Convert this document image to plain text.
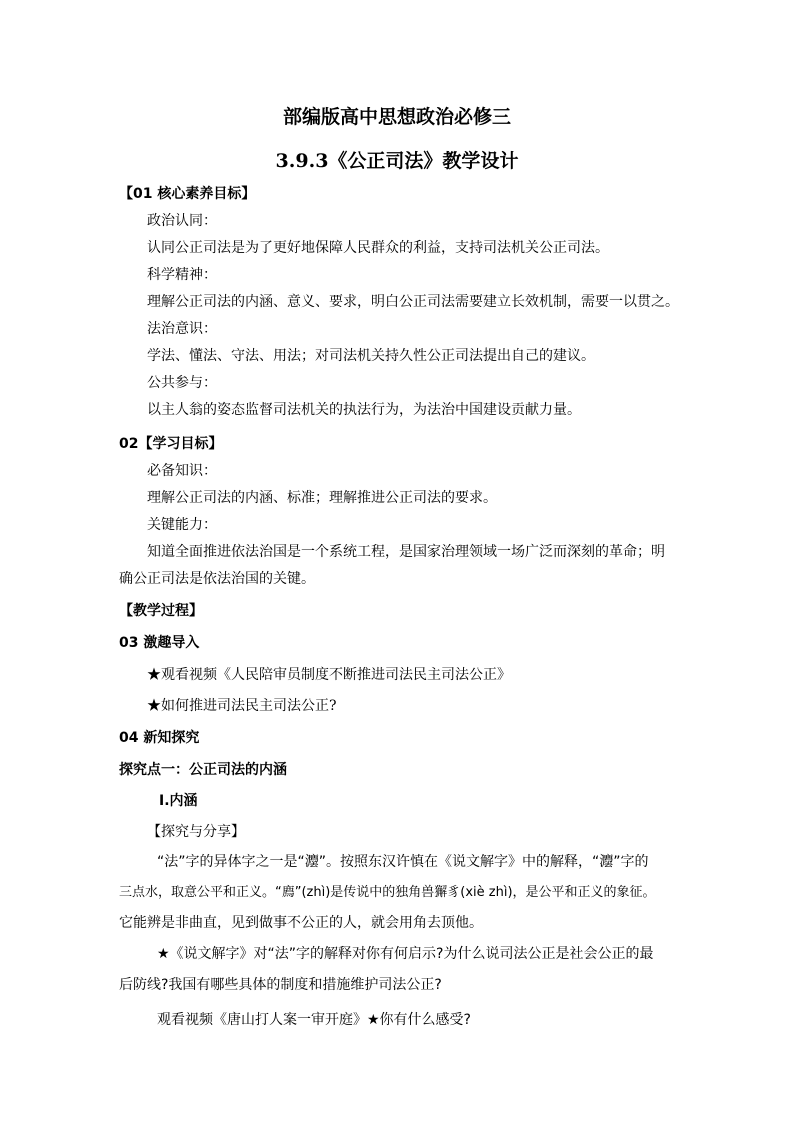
部编版高中思想政治必修三
3.9.3《公正司法》教学设计
【01 核心素养目标】
政治认同：
认同公正司法是为了更好地保障人民群众的利益，支持司法机关公正司法。
科学精神：
理解公正司法的内涵、意义、要求，明白公正司法需要建立长效机制，需要一以贯之。
法治意识：
学法、懂法、守法、用法；对司法机关持久性公正司法提出自己的建议。
公共参与：
以主人翁的姿态监督司法机关的执法行为，为法治中国建设贡献力量。
02【学习目标】
必备知识：
理解公正司法的内涵、标准；理解推进公正司法的要求。
关键能力：
知道全面推进依法治国是一个系统工程，是国家治理领域一场广泛而深刻的革命；明
确公正司法是依法治国的关键。
【教学过程】
03 激趣导入
★观看视频《人民陪审员制度不断推进司法民主司法公正》
★如何推进司法民主司法公正?
04 新知探究
探究点一：公正司法的内涵
Ⅰ.内涵
【探究与分享】
“法”字的异体字之一是“灋”。按照东汉许慎在《说文解字》中的解释，“灋”字的
三点水，取意公平和正义。“廌”(zhì)是传说中的独角兽獬豸(xiè zhì)，是公平和正义的象征。
它能辨是非曲直，见到做事不公正的人，就会用角去顶他。
★《说文解字》对“法”字的解释对你有何启示?为什么说司法公正是社会公正的最
后防线?我国有哪些具体的制度和措施维护司法公正?
观看视频《唐山打人案一审开庭》★你有什么感受?
